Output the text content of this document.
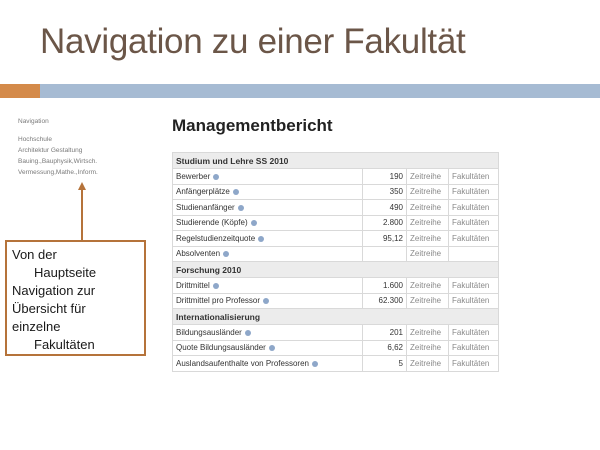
Navigation zu einer Fakultät
Navigation
Hochschule
Architektur Gestaltung
Bauing.,Bauphysik,Wirtsch.
Vermessung,Mathe.,Inform.
Von der
Hauptseite
Navigation zur
Übersicht für
einzelne
Fakultäten
Managementbericht
Studium und Lehre SS 2010			
Bewerber	190	Zeitreihe	Fakultäten
Anfängerplätze	350	Zeitreihe	Fakultäten
Studienanfänger	490	Zeitreihe	Fakultäten
Studierende (Köpfe)	2.800	Zeitreihe	Fakultäten
Regelstudienzeitquote	95,12	Zeitreihe	Fakultäten
Absolventen		Zeitreihe	
Forschung 2010			
Drittmittel	1.600	Zeitreihe	Fakultäten
Drittmittel pro Professor	62.300	Zeitreihe	Fakultäten
Internationalisierung			
Bildungsausländer	201	Zeitreihe	Fakultäten
Quote Bildungsausländer	6,62	Zeitreihe	Fakultäten
Auslandsaufenthalte von Professoren	5	Zeitreihe	Fakultäten
